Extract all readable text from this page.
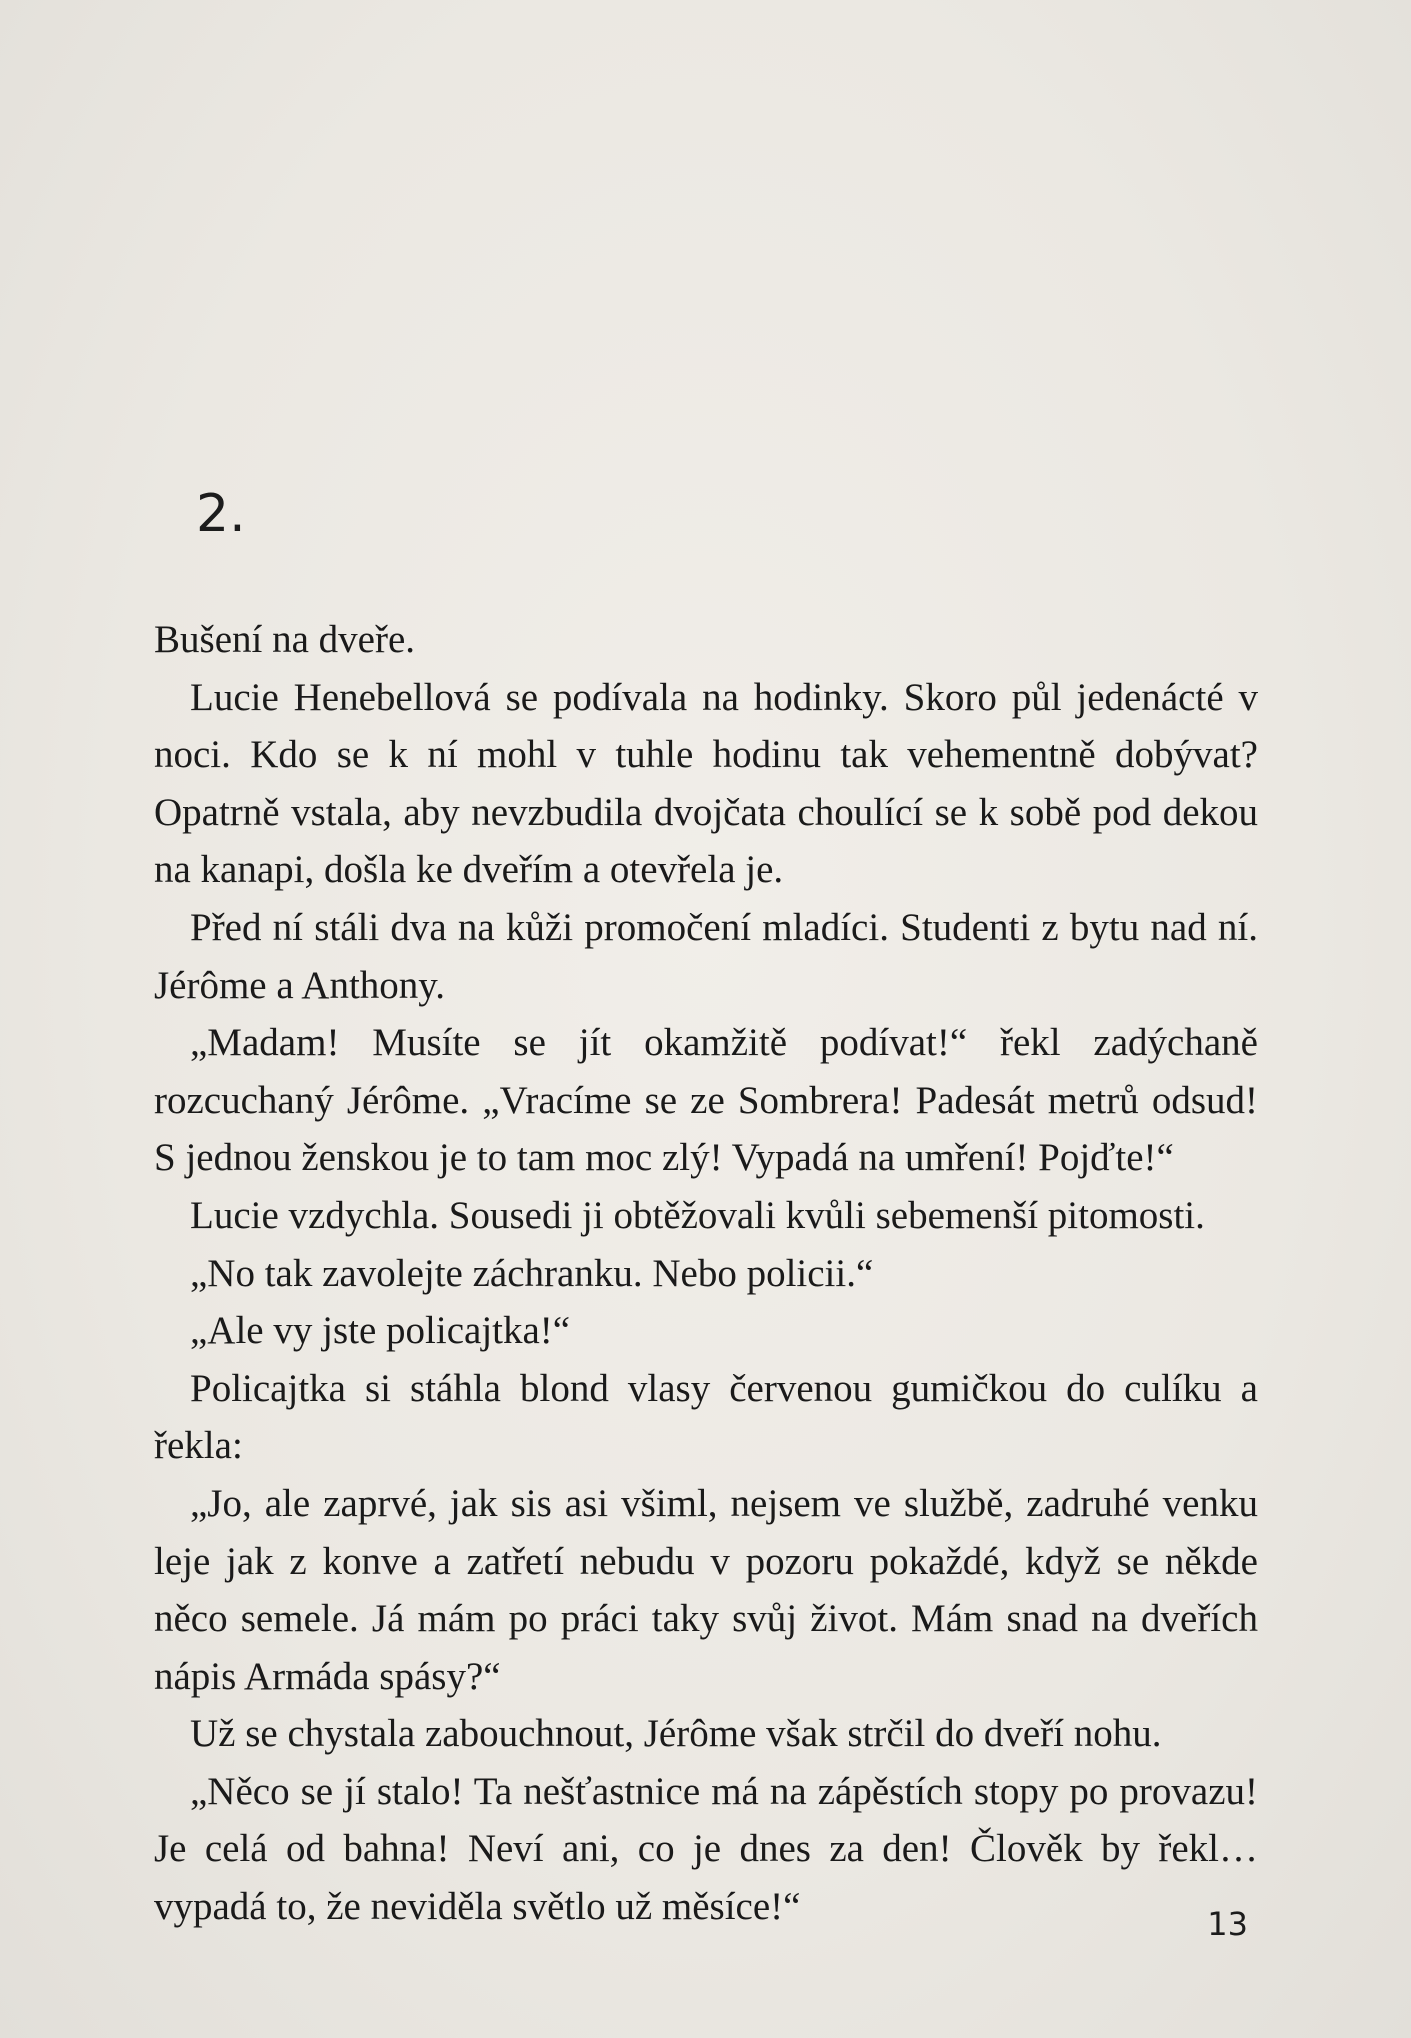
2.

Bušení na dveře.

Lucie Henebellová se podívala na hodinky. Skoro půl jedenácté v noci. Kdo se k ní mohl v tuhle hodinu tak vehementně dobývat? Opatrně vstala, aby nevzbudila dvojčata choulící se k sobě pod dekou na kanapi, došla ke dveřím a otevřela je.

Před ní stáli dva na kůži promočení mladíci. Studenti z bytu nad ní. Jérôme a Anthony.

„Madam! Musíte se jít okamžitě podívat!“ řekl zadýchaně rozcuchaný Jérôme. „Vracíme se ze Sombrera! Padesát metrů odsud! S jednou ženskou je to tam moc zlý! Vypadá na umření! Pojďte!“

Lucie vzdychla. Sousedi ji obtěžovali kvůli sebemenší pitomosti.

„No tak zavolejte záchranku. Nebo policii.“

„Ale vy jste policajtka!“

Policajtka si stáhla blond vlasy červenou gumičkou do culíku a řekla:

„Jo, ale zaprvé, jak sis asi všiml, nejsem ve službě, zadruhé venku leje jak z konve a zatřetí nebudu v pozoru pokaždé, když se někde něco semele. Já mám po práci taky svůj život. Mám snad na dveřích nápis Armáda spásy?“

Už se chystala zabouchnout, Jérôme však strčil do dveří nohu.

„Něco se jí stalo! Ta nešťastnice má na zápěstích stopy po provazu! Je celá od bahna! Neví ani, co je dnes za den! Člověk by řekl… vypadá to, že neviděla světlo už měsíce!“	13
